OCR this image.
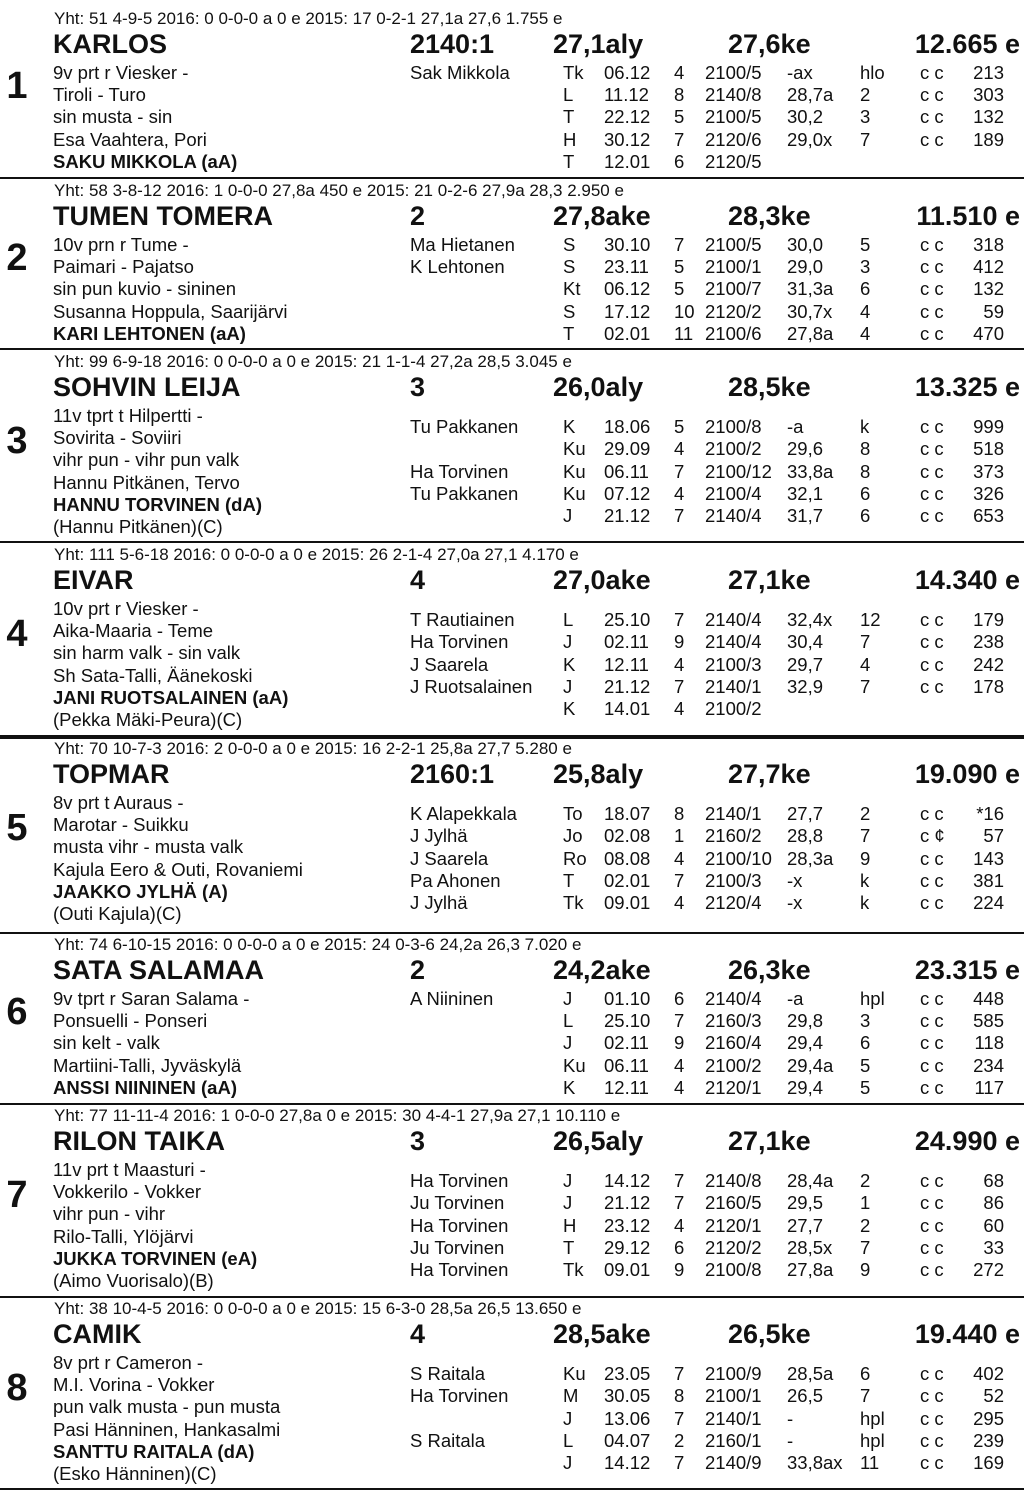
Yht: 51 4-9-5 2016: 0 0-0-0 a 0 e 2015: 17 0-2-1 27,1a 27,6 1.755 e
KARLOS	2140:1 27,1aly	27,6ke	12.665 e
1 9v prt r Viesker -
Tiroli - Turo
sin musta - sin
Esa Vaahtera, Pori
SAKU MIKKOLA (aA)
Sak Mikkola	Tk 06.12 4 2100/5 -ax	hlo c c 213
L 11.12 8 2140/8 28,7a 2	c c 303
T 22.12 5 2100/5 30,2 3	c c 132
H 30.12 7 2120/6 29,0x 7	c c 189
T 12.01 6 2120/5
Yht: 58 3-8-12 2016: 1 0-0-0 27,8a 450 e 2015: 21 0-2-6 27,9a 28,3 2.950 e
TUMEN TOMERA	2	27,8ake	28,3ke	11.510 e
2 10v prn r Tume -
Paimari - Pajatso
sin pun kuvio - sininen
Susanna Hoppula, Saarijärvi
KARI LEHTONEN (aA)
Ma Hietanen	S 30.10 7 2100/5 30,0 5	c c 318
K Lehtonen	S 23.11 5 2100/1 29,0 3	c c 412
Kt 06.12 5 2100/7 31,3a 6	c c 132
S 17.12 10 2120/2 30,7x 4	c c 59
T 02.01 11 2100/6 27,8a 4	c c 470
Yht: 99 6-9-18 2016: 0 0-0-0 a 0 e 2015: 21 1-1-4 27,2a 28,5 3.045 e
SOHVIN LEIJA	3	26,0aly	28,5ke	13.325 e
3
11v tprt t Hilpertti -
Sovirita - Soviiri
vihr pun - vihr pun valk
Hannu Pitkänen, Tervo
HANNU TORVINEN (dA)
(Hannu Pitkänen)(C)
Tu Pakkanen K 18.06 5 2100/8 -a	k	c c 999
Ku 29.09 4 2100/2 29,6 8	c c 518
Ha Torvinen	Ku 06.11 7 2100/12 33,8a 8	c c 373
Tu Pakkanen Ku 07.12 4 2100/4 32,1 6	c c 326
J 21.12 7 2140/4 31,7 6	c c 653
Yht: 111 5-6-18 2016: 0 0-0-0 a 0 e 2015: 26 2-1-4 27,0a 27,1 4.170 e
EIVAR	4	27,0ake	27,1ke	14.340 e
4
10v prt r Viesker -
Aika-Maaria - Teme
sin harm valk - sin valk
Sh Sata-Talli, Äänekoski
JANI RUOTSALAINEN (aA)
(Pekka Mäki-Peura)(C)
T Rautiainen	L 25.10 7 2140/4 32,4x 12 c c 179
Ha Torvinen	J 02.11 9 2140/4 30,4 7	c c 238
J Saarela	K 12.11 4 2100/3 29,7 4	c c 242
J Ruotsalainen J 21.12 7 2140/1 32,9 7	c c 178
K 14.01 4 2100/2
Yht: 70 10-7-3 2016: 2 0-0-0 a 0 e 2015: 16 2-2-1 25,8a 27,7 5.280 e
TOPMAR	2160:1 25,8aly	27,7ke	19.090 e
5
8v prt t Auraus -
Marotar - Suikku
musta vihr - musta valk
Kajula Eero & Outi, Rovaniemi
JAAKKO JYLHÄ (A)
(Outi Kajula)(C)
K Alapekkala To 18.07 8 2140/1 27,7 2	c c *16
J Jylhä	Jo 02.08 1 2160/2 28,8 7	c ¢ 57
J Saarela	Ro 08.08 4 2100/10 28,3a 9	c c 143
Pa Ahonen	T 02.01 7 2100/3 -x	k	c c 381
J Jylhä	Tk 09.01 4 2120/4 -x	k	c c 224
Yht: 74 6-10-15 2016: 0 0-0-0 a 0 e 2015: 24 0-3-6 24,2a 26,3 7.020 e
SATA SALAMAA	2	24,2ake	26,3ke	23.315 e
6 9v tprt r Saran Salama -
Ponsuelli - Ponseri
sin kelt - valk
Martiini-Talli, Jyväskylä
ANSSI NIININEN (aA)
A Niininen	J 01.10 6 2140/4 -a	hpl c c 448
L 25.10 7 2160/3 29,8 3	c c 585
J 02.11 9 2160/4 29,4 6	c c 118
Ku 06.11 4 2100/2 29,4a 5	c c 234
K 12.11 4 2120/1 29,4 5	c c 117
Yht: 77 11-11-4 2016: 1 0-0-0 27,8a 0 e 2015: 30 4-4-1 27,9a 27,1 10.110 e
RILON TAIKA	3	26,5aly	27,1ke	24.990 e
7
11v prt t Maasturi -
Vokkerilo - Vokker
vihr pun - vihr
Rilo-Talli, Ylöjärvi
JUKKA TORVINEN (eA)
(Aimo Vuorisalo)(B)
Ha Torvinen	J 14.12 7 2140/8 28,4a 2	c c 68
Ju Torvinen	J 21.12 7 2160/5 29,5 1	c c 86
Ha Torvinen	H 23.12 4 2120/1 27,7 2	c c 60
Ju Torvinen	T 29.12 6 2120/2 28,5x 7	c c 33
Ha Torvinen	Tk 09.01 9 2100/8 27,8a 9	c c 272
Yht: 38 10-4-5 2016: 0 0-0-0 a 0 e 2015: 15 6-3-0 28,5a 26,5 13.650 e
CAMIK	4	28,5ake	26,5ke	19.440 e
8
8v prt r Cameron -
M.I. Vorina - Vokker
pun valk musta - pun musta
Pasi Hänninen, Hankasalmi
SANTTU RAITALA (dA)
(Esko Hänninen)(C)
S Raitala	Ku 23.05 7 2100/9 28,5a 6	c c 402
Ha Torvinen	M 30.05 8 2100/1 26,5 7	c c 52
J 13.06 7 2140/1 -	hpl c c 295
S Raitala	L 04.07 2 2160/1 -	hpl c c 239
J 14.12 7 2140/9 33,8ax 11 c c 169
